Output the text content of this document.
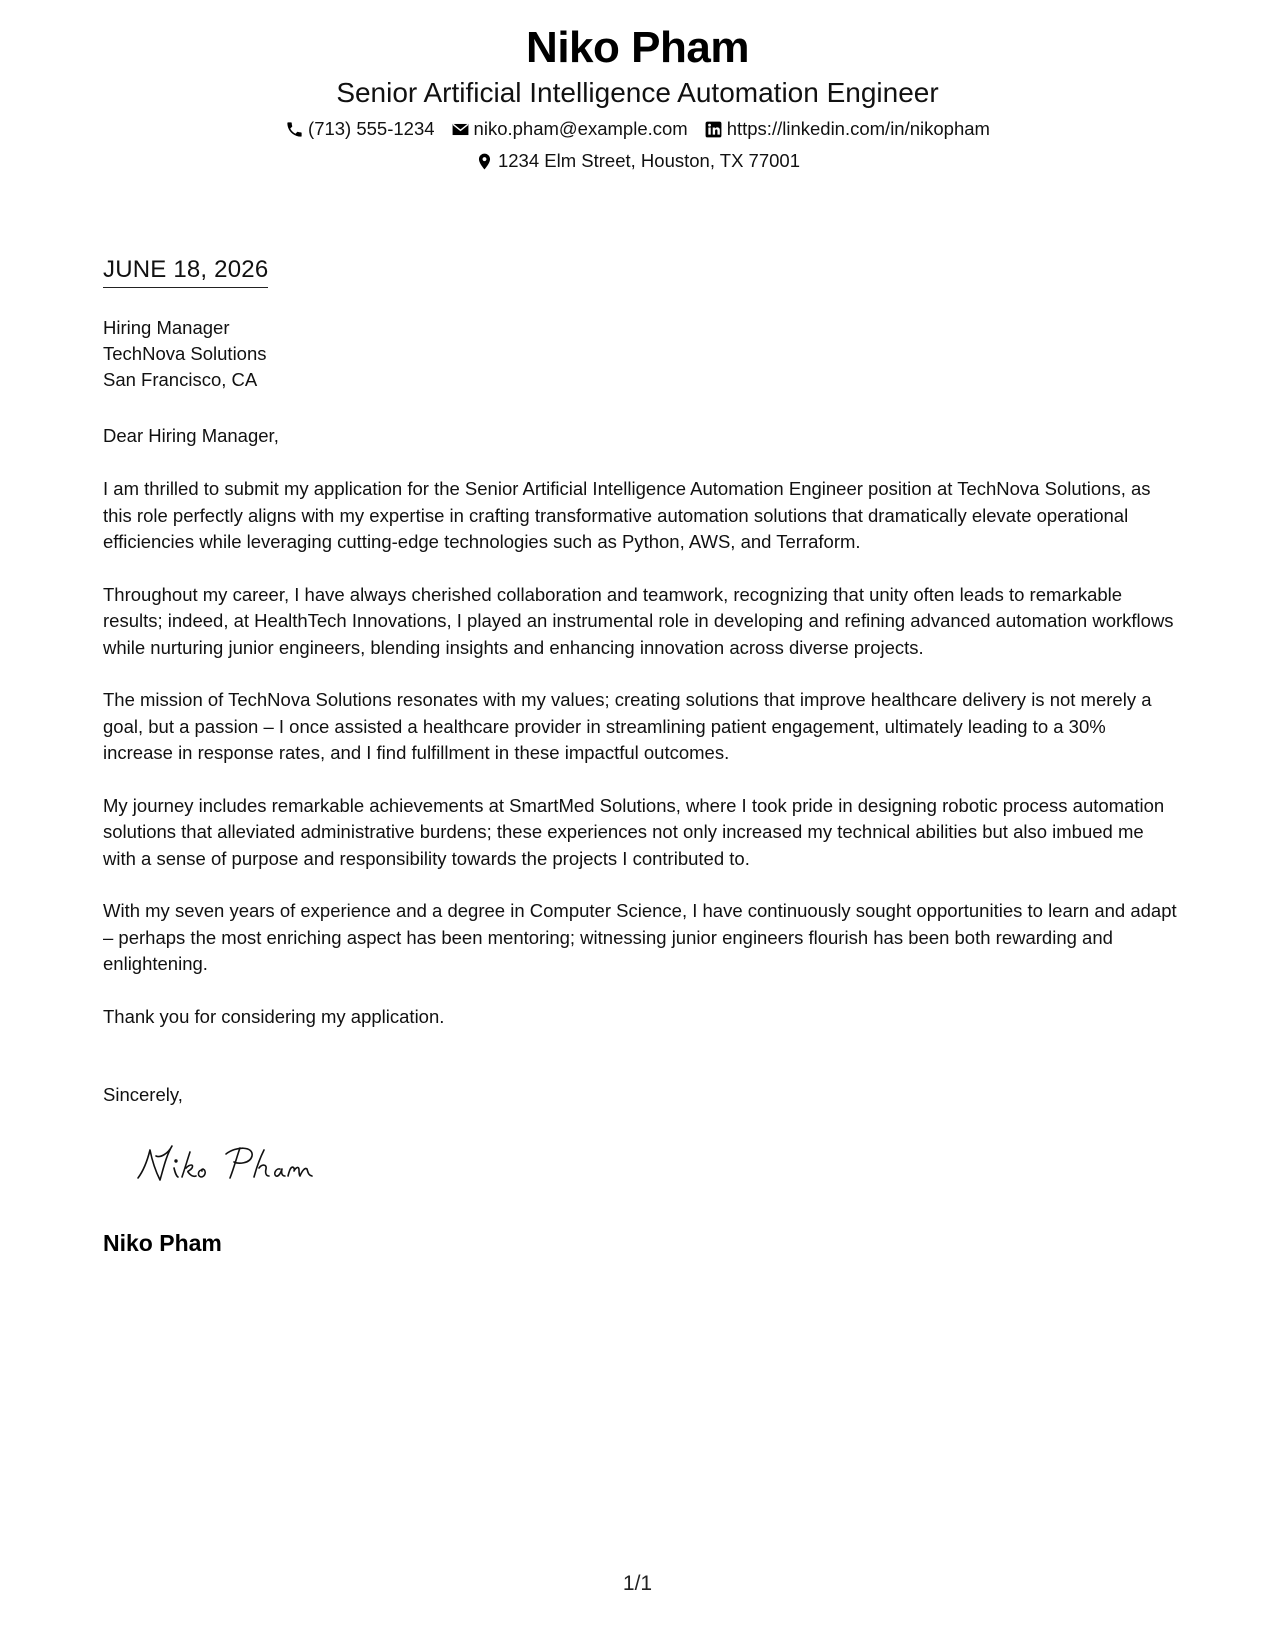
Niko Pham
Senior Artificial Intelligence Automation Engineer
(713) 555-1234 niko.pham@example.com https://linkedin.com/in/nikopham
1234 Elm Street, Houston, TX 77001
JUNE 18, 2026
Hiring Manager
TechNova Solutions
San Francisco, CA
Dear Hiring Manager,

I am thrilled to submit my application for the Senior Artificial Intelligence Automation Engineer position at TechNova Solutions, as this role perfectly aligns with my expertise in crafting transformative automation solutions that dramatically elevate operational efficiencies while leveraging cutting-edge technologies such as Python, AWS, and Terraform.

Throughout my career, I have always cherished collaboration and teamwork, recognizing that unity often leads to remarkable results; indeed, at HealthTech Innovations, I played an instrumental role in developing and refining advanced automation workflows while nurturing junior engineers, blending insights and enhancing innovation across diverse projects.

The mission of TechNova Solutions resonates with my values; creating solutions that improve healthcare delivery is not merely a goal, but a passion – I once assisted a healthcare provider in streamlining patient engagement, ultimately leading to a 30% increase in response rates, and I find fulfillment in these impactful outcomes.

My journey includes remarkable achievements at SmartMed Solutions, where I took pride in designing robotic process automation solutions that alleviated administrative burdens; these experiences not only increased my technical abilities but also imbued me with a sense of purpose and responsibility towards the projects I contributed to.

With my seven years of experience and a degree in Computer Science, I have continuously sought opportunities to learn and adapt – perhaps the most enriching aspect has been mentoring; witnessing junior engineers flourish has been both rewarding and enlightening.

Thank you for considering my application.

Sincerely,
Niko Pham
1/1
